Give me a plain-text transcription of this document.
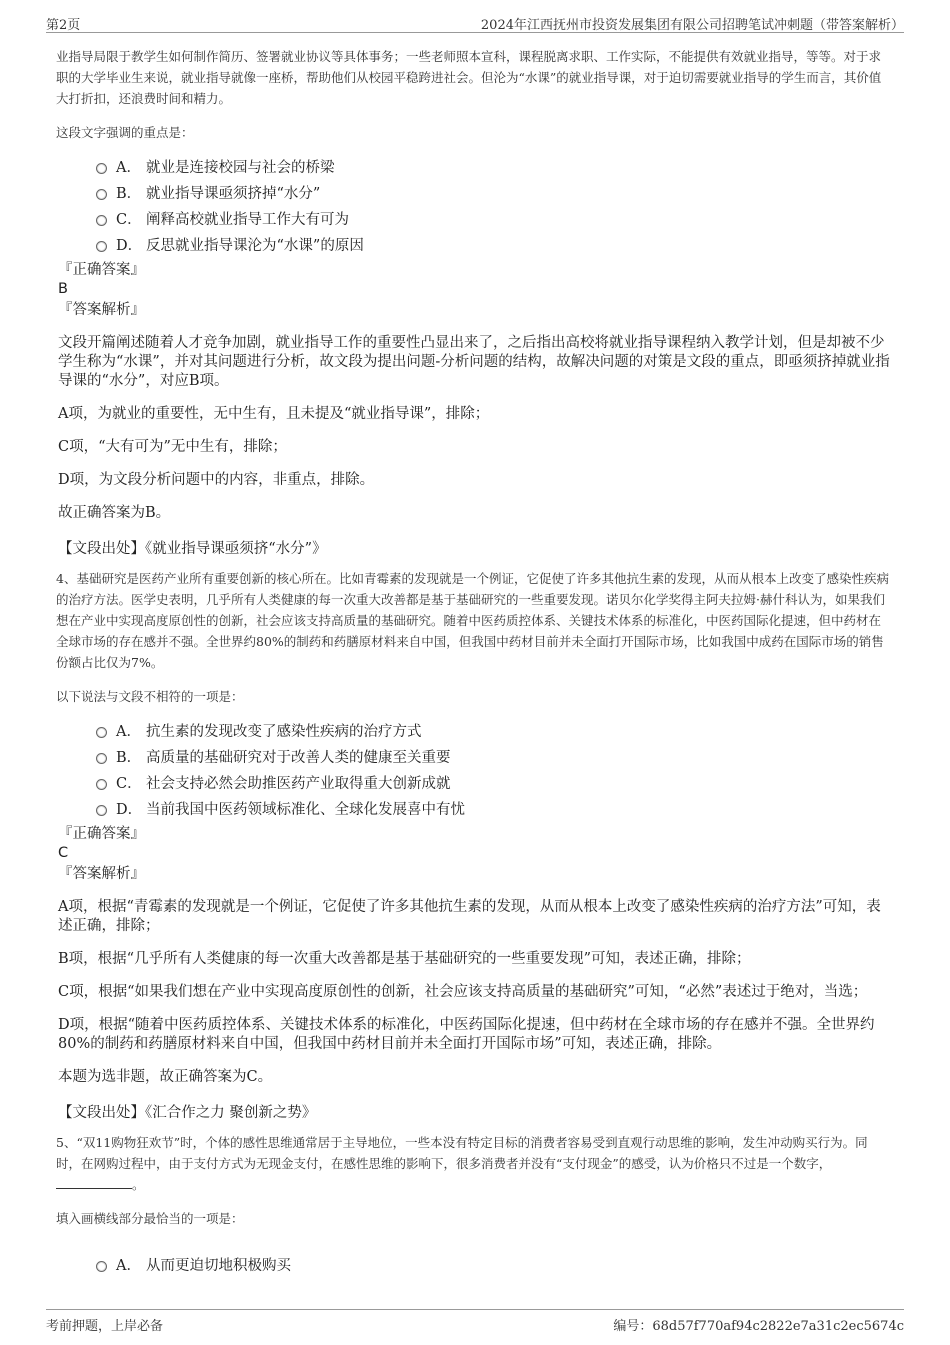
第2页	2024年江西抚州市投资发展集团有限公司招聘笔试冲刺题（带答案解析）

业指导局限于教学生如何制作简历、签署就业协议等具体事务；一些老师照本宣科，课程脱离求职、工作实际，不能提供有效就业指导，等等。对于求职的大学毕业生来说，就业指导就像一座桥，帮助他们从校园平稳跨进社会。但沦为“水课”的就业指导课，对于迫切需要就业指导的学生而言，其价值大打折扣，还浪费时间和精力。

这段文字强调的重点是：

A． 就业是连接校园与社会的桥梁
B． 就业指导课亟须挤掉“水分”
C． 阐释高校就业指导工作大有可为
D． 反思就业指导课沦为“水课”的原因

『正确答案』

B

『答案解析』

文段开篇阐述随着人才竞争加剧，就业指导工作的重要性凸显出来了，之后指出高校将就业指导课程纳入教学计划，但是却被不少学生称为“水课”，并对其问题进行分析，故文段为提出问题-分析问题的结构，故解决问题的对策是文段的重点，即亟须挤掉就业指导课的“水分”，对应B项。

A项，为就业的重要性，无中生有，且未提及“就业指导课”，排除；

C项，“大有可为”无中生有，排除；

D项，为文段分析问题中的内容，非重点，排除。

故正确答案为B。

【文段出处】《就业指导课亟须挤“水分”》

4、基础研究是医药产业所有重要创新的核心所在。比如青霉素的发现就是一个例证，它促使了许多其他抗生素的发现，从而从根本上改变了感染性疾病的治疗方法。医学史表明，几乎所有人类健康的每一次重大改善都是基于基础研究的一些重要发现。诺贝尔化学奖得主阿夫拉姆·赫什科认为，如果我们想在产业中实现高度原创性的创新，社会应该支持高质量的基础研究。随着中医药质控体系、关键技术体系的标准化，中医药国际化提速，但中药材在全球市场的存在感并不强。全世界约80%的制药和药膳原材料来自中国，但我国中药材目前并未全面打开国际市场，比如我国中成药在国际市场的销售份额占比仅为7%。

以下说法与文段不相符的一项是：

A． 抗生素的发现改变了感染性疾病的治疗方式
B． 高质量的基础研究对于改善人类的健康至关重要
C． 社会支持必然会助推医药产业取得重大创新成就
D． 当前我国中医药领域标准化、全球化发展喜中有忧

『正确答案』

C

『答案解析』

A项，根据“青霉素的发现就是一个例证，它促使了许多其他抗生素的发现，从而从根本上改变了感染性疾病的治疗方法”可知，表述正确，排除；

B项，根据“几乎所有人类健康的每一次重大改善都是基于基础研究的一些重要发现”可知，表述正确，排除；

C项，根据“如果我们想在产业中实现高度原创性的创新，社会应该支持高质量的基础研究”可知，“必然”表述过于绝对，当选；

D项，根据“随着中医药质控体系、关键技术体系的标准化，中医药国际化提速，但中药材在全球市场的存在感并不强。全世界约80%的制药和药膳原材料来自中国，但我国中药材目前并未全面打开国际市场”可知，表述正确，排除。

本题为选非题，故正确答案为C。

【文段出处】《汇合作之力 聚创新之势》

5、“双11购物狂欢节”时，个体的感性思维通常居于主导地位，一些本没有特定目标的消费者容易受到直观行动思维的影响，发生冲动购买行为。同时，在网购过程中，由于支付方式为无现金支付，在感性思维的影响下，很多消费者并没有“支付现金”的感受，认为价格只不过是一个数字，。

填入画横线部分最恰当的一项是：

A． 从而更迫切地积极购买
考前押题，上岸必备	编号：68d57f770af94c2822e7a31c2ec5674c
